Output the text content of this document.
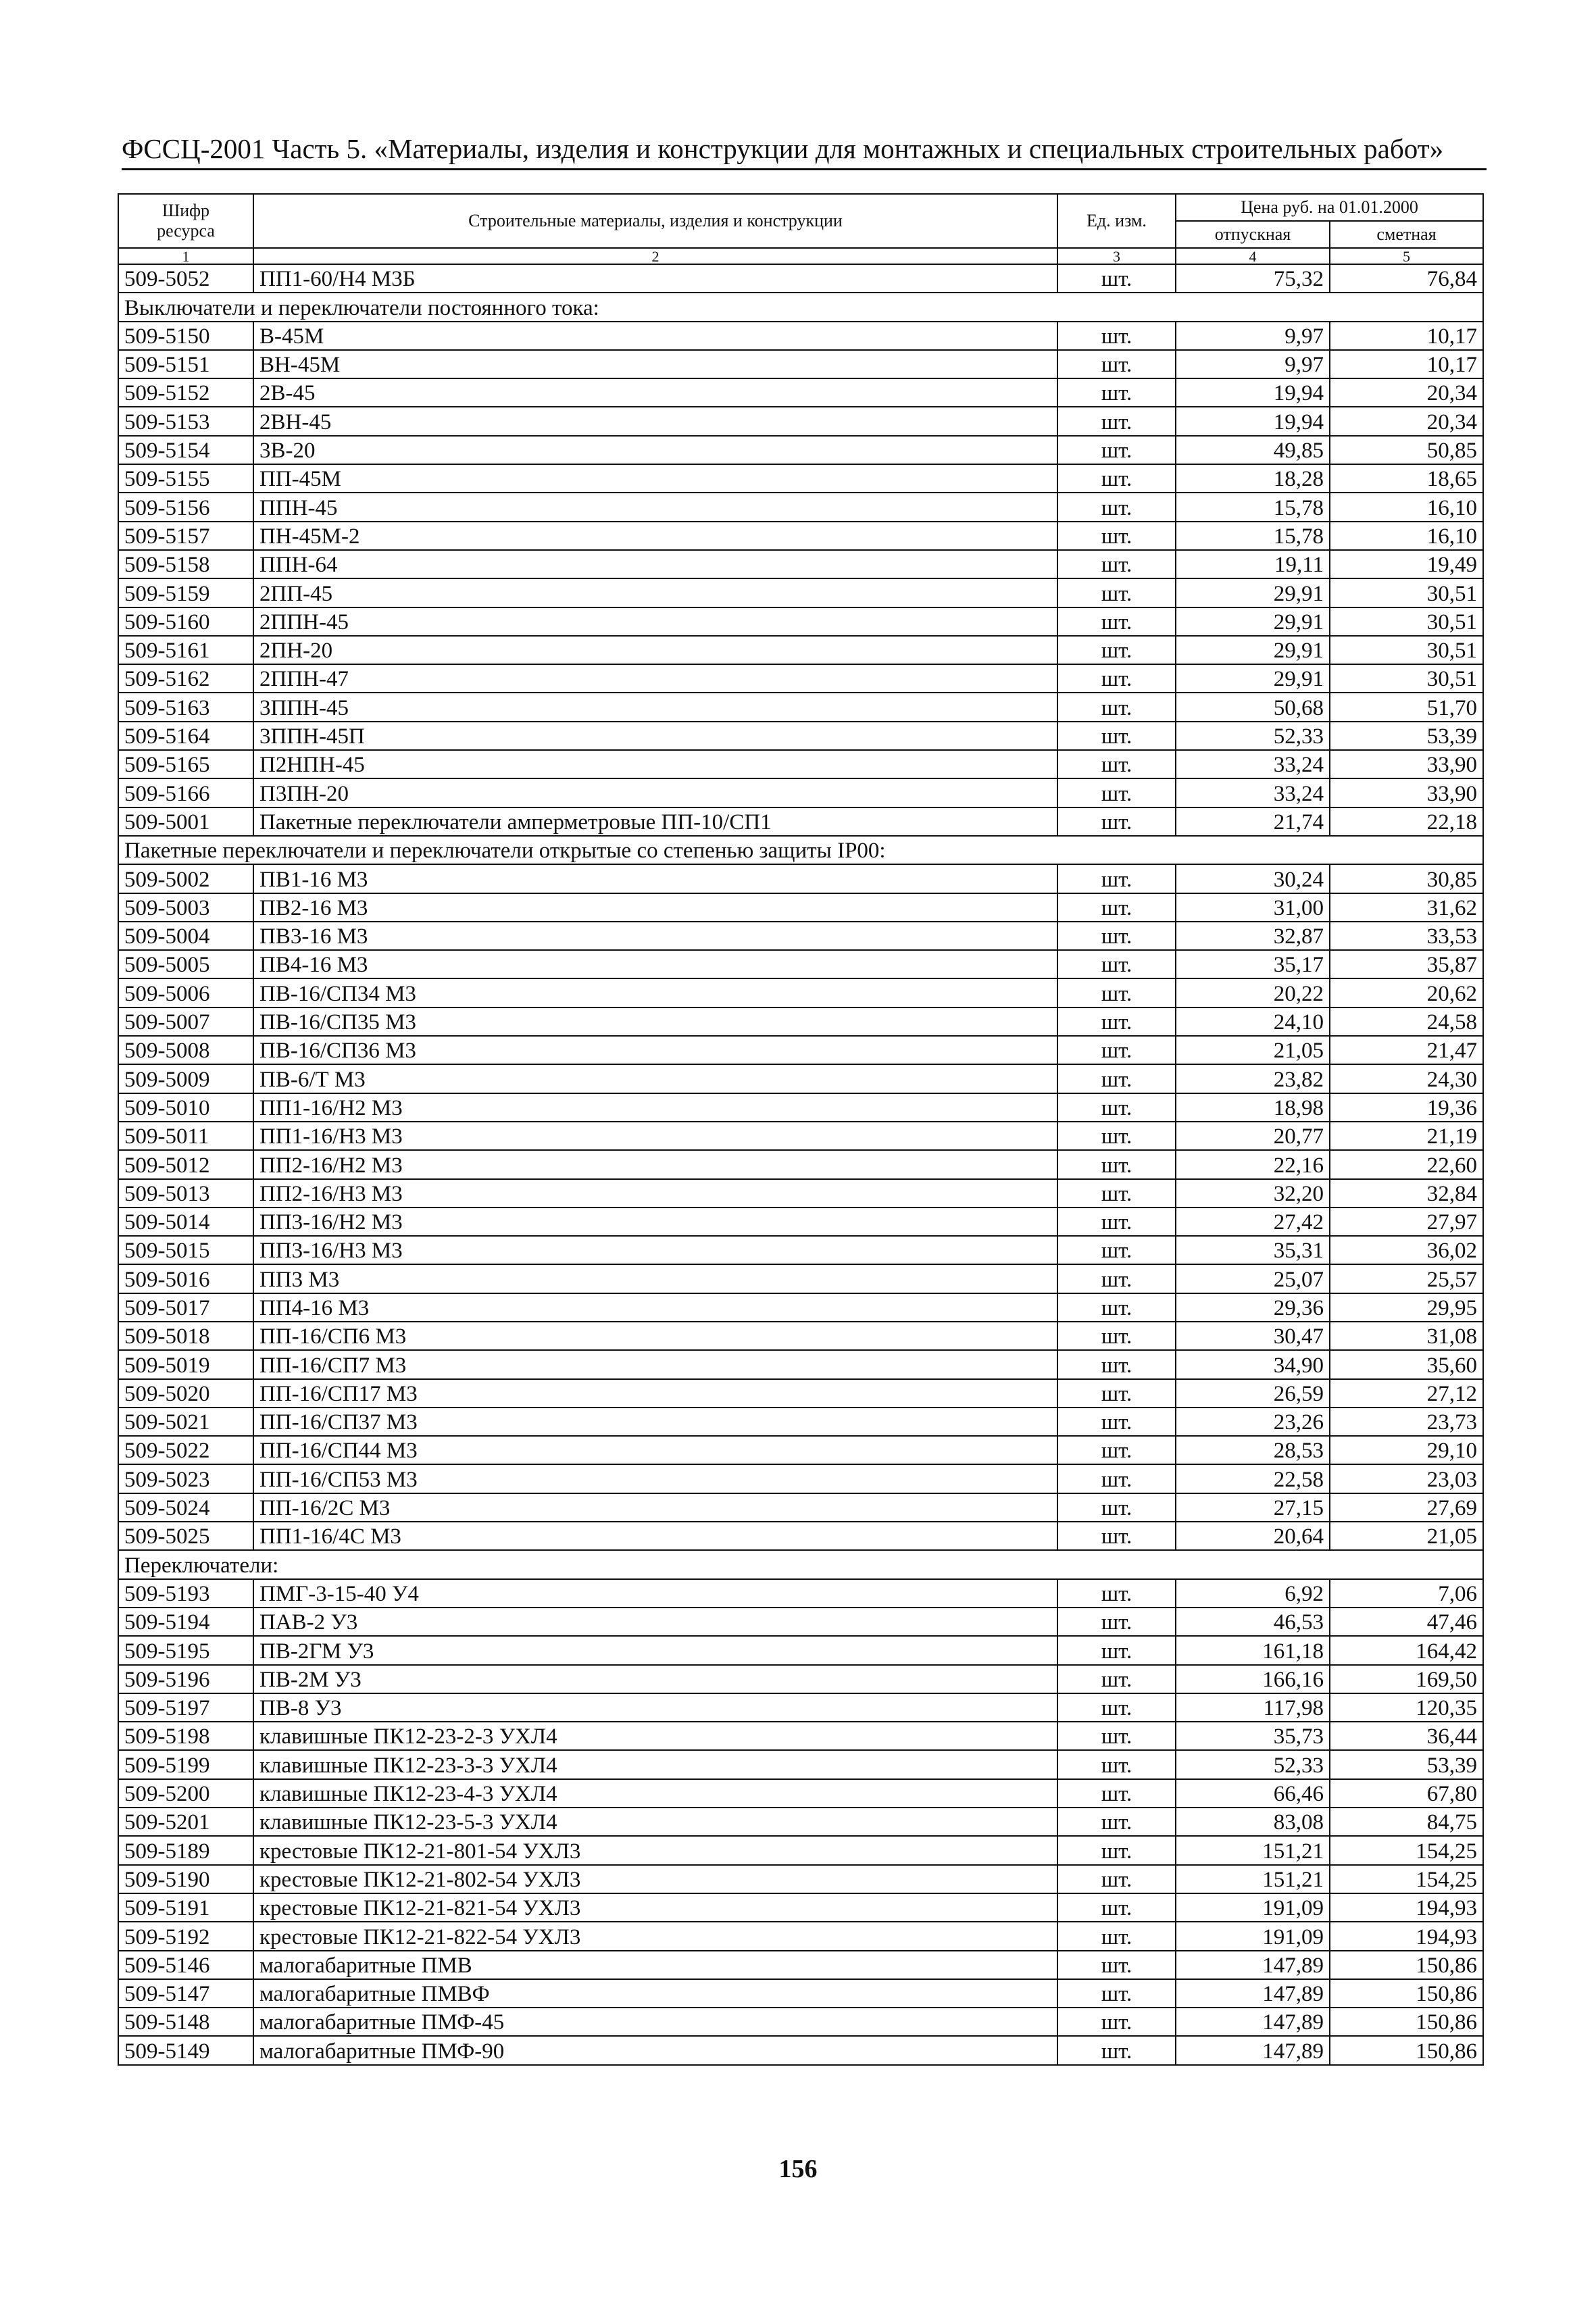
ФССЦ-2001 Часть 5. «Материалы, изделия и конструкции для монтажных и специальных строительных работ»
Шифр ресурса	Строительные материалы, изделия и конструкции	Ед. изм.	Цена руб. на 01.01.2000	
			отпускная	сметная
1	2	3	4	5
509-5052	ПП1-60/Н4 М3Б	шт.	75,32	76,84
Выключатели и переключатели постоянного тока:				
509-5150	В-45М	шт.	9,97	10,17
509-5151	ВН-45М	шт.	9,97	10,17
509-5152	2В-45	шт.	19,94	20,34
509-5153	2ВН-45	шт.	19,94	20,34
509-5154	3В-20	шт.	49,85	50,85
509-5155	ПП-45М	шт.	18,28	18,65
509-5156	ППН-45	шт.	15,78	16,10
509-5157	ПН-45М-2	шт.	15,78	16,10
509-5158	ППН-64	шт.	19,11	19,49
509-5159	2ПП-45	шт.	29,91	30,51
509-5160	2ППН-45	шт.	29,91	30,51
509-5161	2ПН-20	шт.	29,91	30,51
509-5162	2ППН-47	шт.	29,91	30,51
509-5163	3ППН-45	шт.	50,68	51,70
509-5164	3ППН-45П	шт.	52,33	53,39
509-5165	П2НПН-45	шт.	33,24	33,90
509-5166	П3ПН-20	шт.	33,24	33,90
509-5001	Пакетные переключатели амперметровые ПП-10/СП1	шт.	21,74	22,18
Пакетные переключатели и переключатели открытые со степенью защиты IP00:				
509-5002	ПВ1-16 М3	шт.	30,24	30,85
509-5003	ПВ2-16 М3	шт.	31,00	31,62
509-5004	ПВ3-16 М3	шт.	32,87	33,53
509-5005	ПВ4-16 М3	шт.	35,17	35,87
509-5006	ПВ-16/СП34 М3	шт.	20,22	20,62
509-5007	ПВ-16/СП35 М3	шт.	24,10	24,58
509-5008	ПВ-16/СП36 М3	шт.	21,05	21,47
509-5009	ПВ-6/Т М3	шт.	23,82	24,30
509-5010	ПП1-16/Н2 М3	шт.	18,98	19,36
509-5011	ПП1-16/Н3 М3	шт.	20,77	21,19
509-5012	ПП2-16/Н2 М3	шт.	22,16	22,60
509-5013	ПП2-16/Н3 М3	шт.	32,20	32,84
509-5014	ПП3-16/Н2 М3	шт.	27,42	27,97
509-5015	ПП3-16/Н3 М3	шт.	35,31	36,02
509-5016	ПП3 М3	шт.	25,07	25,57
509-5017	ПП4-16 М3	шт.	29,36	29,95
509-5018	ПП-16/СП6 М3	шт.	30,47	31,08
509-5019	ПП-16/СП7 М3	шт.	34,90	35,60
509-5020	ПП-16/СП17 М3	шт.	26,59	27,12
509-5021	ПП-16/СП37 М3	шт.	23,26	23,73
509-5022	ПП-16/СП44 М3	шт.	28,53	29,10
509-5023	ПП-16/СП53 М3	шт.	22,58	23,03
509-5024	ПП-16/2С М3	шт.	27,15	27,69
509-5025	ПП1-16/4С М3	шт.	20,64	21,05
Переключатели:				
509-5193	ПМГ-3-15-40 У4	шт.	6,92	7,06
509-5194	ПАВ-2 У3	шт.	46,53	47,46
509-5195	ПВ-2ГМ У3	шт.	161,18	164,42
509-5196	ПВ-2М У3	шт.	166,16	169,50
509-5197	ПВ-8 У3	шт.	117,98	120,35
509-5198	клавишные ПК12-23-2-3 УХЛ4	шт.	35,73	36,44
509-5199	клавишные ПК12-23-3-3 УХЛ4	шт.	52,33	53,39
509-5200	клавишные ПК12-23-4-3 УХЛ4	шт.	66,46	67,80
509-5201	клавишные ПК12-23-5-3 УХЛ4	шт.	83,08	84,75
509-5189	крестовые ПК12-21-801-54 УХЛ3	шт.	151,21	154,25
509-5190	крестовые ПК12-21-802-54 УХЛ3	шт.	151,21	154,25
509-5191	крестовые ПК12-21-821-54 УХЛ3	шт.	191,09	194,93
509-5192	крестовые ПК12-21-822-54 УХЛ3	шт.	191,09	194,93
509-5146	малогабаритные ПМВ	шт.	147,89	150,86
509-5147	малогабаритные ПМВФ	шт.	147,89	150,86
509-5148	малогабаритные ПМФ-45	шт.	147,89	150,86
509-5149	малогабаритные ПМФ-90	шт.	147,89	150,86
156
